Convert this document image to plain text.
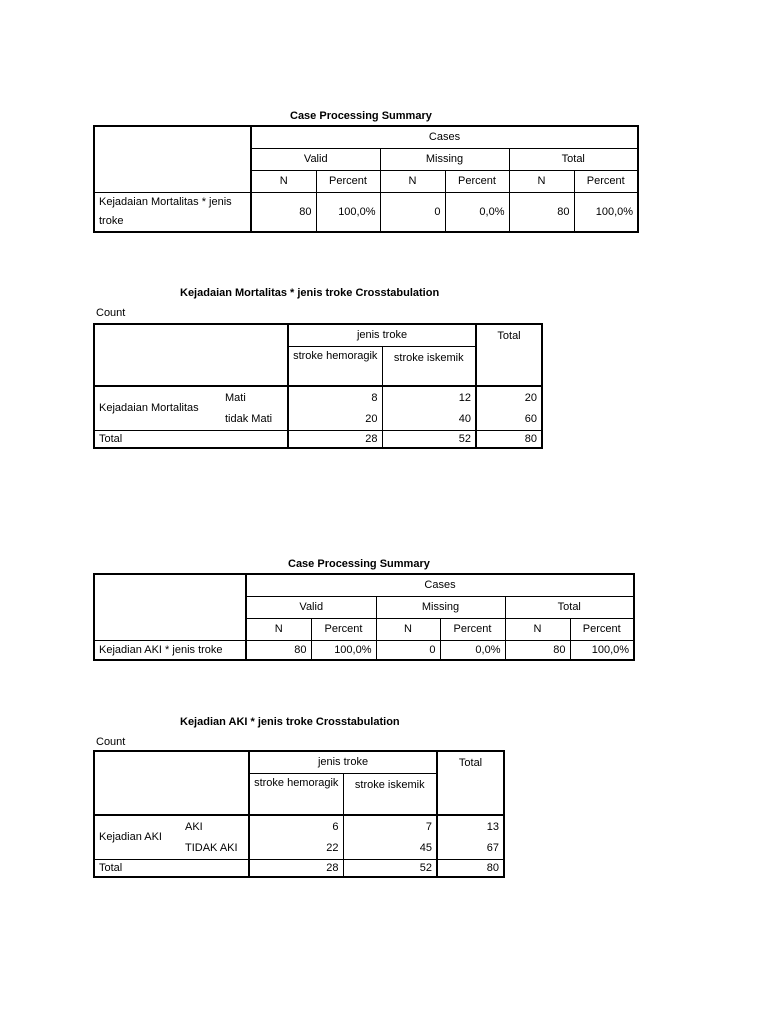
Case Processing Summary
	Cases					
	Valid		Missing		Total	
	N	Percent	N	Percent	N	Percent
Kejadaian Mortalitas * jenis troke	80	100,0%	0	0,0%	80	100,0%
Kejadaian Mortalitas * jenis troke Crosstabulation
Count
		jenis troke		Total
		stroke hemoragik	stroke iskemik	
Kejadaian Mortalitas	Mati	8	12	20
	tidak Mati	20	40	60
Total		28	52	80
Case Processing Summary
	Cases					
	Valid		Missing		Total	
	N	Percent	N	Percent	N	Percent
Kejadian AKI * jenis troke	80	100,0%	0	0,0%	80	100,0%
Kejadian AKI * jenis troke Crosstabulation
Count
		jenis troke		Total
		stroke hemoragik	stroke iskemik	
Kejadian AKI	AKI	6	7	13
	TIDAK AKI	22	45	67
Total		28	52	80
